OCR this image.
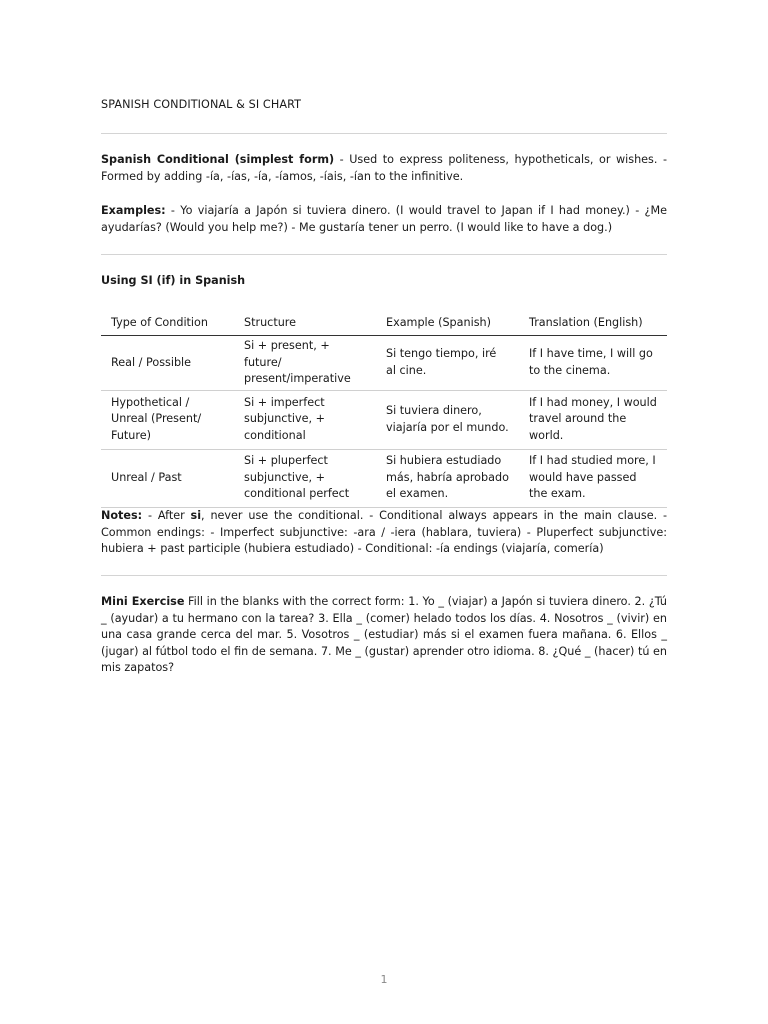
SPANISH CONDITIONAL & SI CHART
Spanish Conditional (simplest form) - Used to express politeness, hypotheticals, or wishes. - Formed by adding -ía, -ías, -ía, -íamos, -íais, -ían to the infinitive.
Examples: - Yo viajaría a Japón si tuviera dinero. (I would travel to Japan if I had money.) - ¿Me ayudarías? (Would you help me?) - Me gustaría tener un perro. (I would like to have a dog.)
Using SI (if) in Spanish
Type of Condition	Structure	Example (Spanish)	Translation (English)
Real / Possible	Si + present, + future/ present/imperative	Si tengo tiempo, iré al cine.	If I have time, I will go to the cinema.
Hypothetical / Unreal (Present/ Future)	Si + imperfect subjunctive, + conditional	Si tuviera dinero, viajaría por el mundo.	If I had money, I would travel around the world.
Unreal / Past	Si + pluperfect subjunctive, + conditional perfect	Si hubiera estudiado más, habría aprobado el examen.	If I had studied more, I would have passed the exam.
Notes: - After si, never use the conditional. - Conditional always appears in the main clause. - Common endings: - Imperfect subjunctive: -ara / -iera (hablara, tuviera) - Pluperfect subjunctive: hubiera + past participle (hubiera estudiado) - Conditional: -ía endings (viajaría, comería)
Mini Exercise Fill in the blanks with the correct form: 1. Yo _ (viajar) a Japón si tuviera dinero. 2. ¿Tú _ (ayudar) a tu hermano con la tarea? 3. Ella _ (comer) helado todos los días. 4. Nosotros _ (vivir) en una casa grande cerca del mar. 5. Vosotros _ (estudiar) más si el examen fuera mañana. 6. Ellos _ (jugar) al fútbol todo el fin de semana. 7. Me _ (gustar) aprender otro idioma. 8. ¿Qué _ (hacer) tú en mis zapatos?
1
